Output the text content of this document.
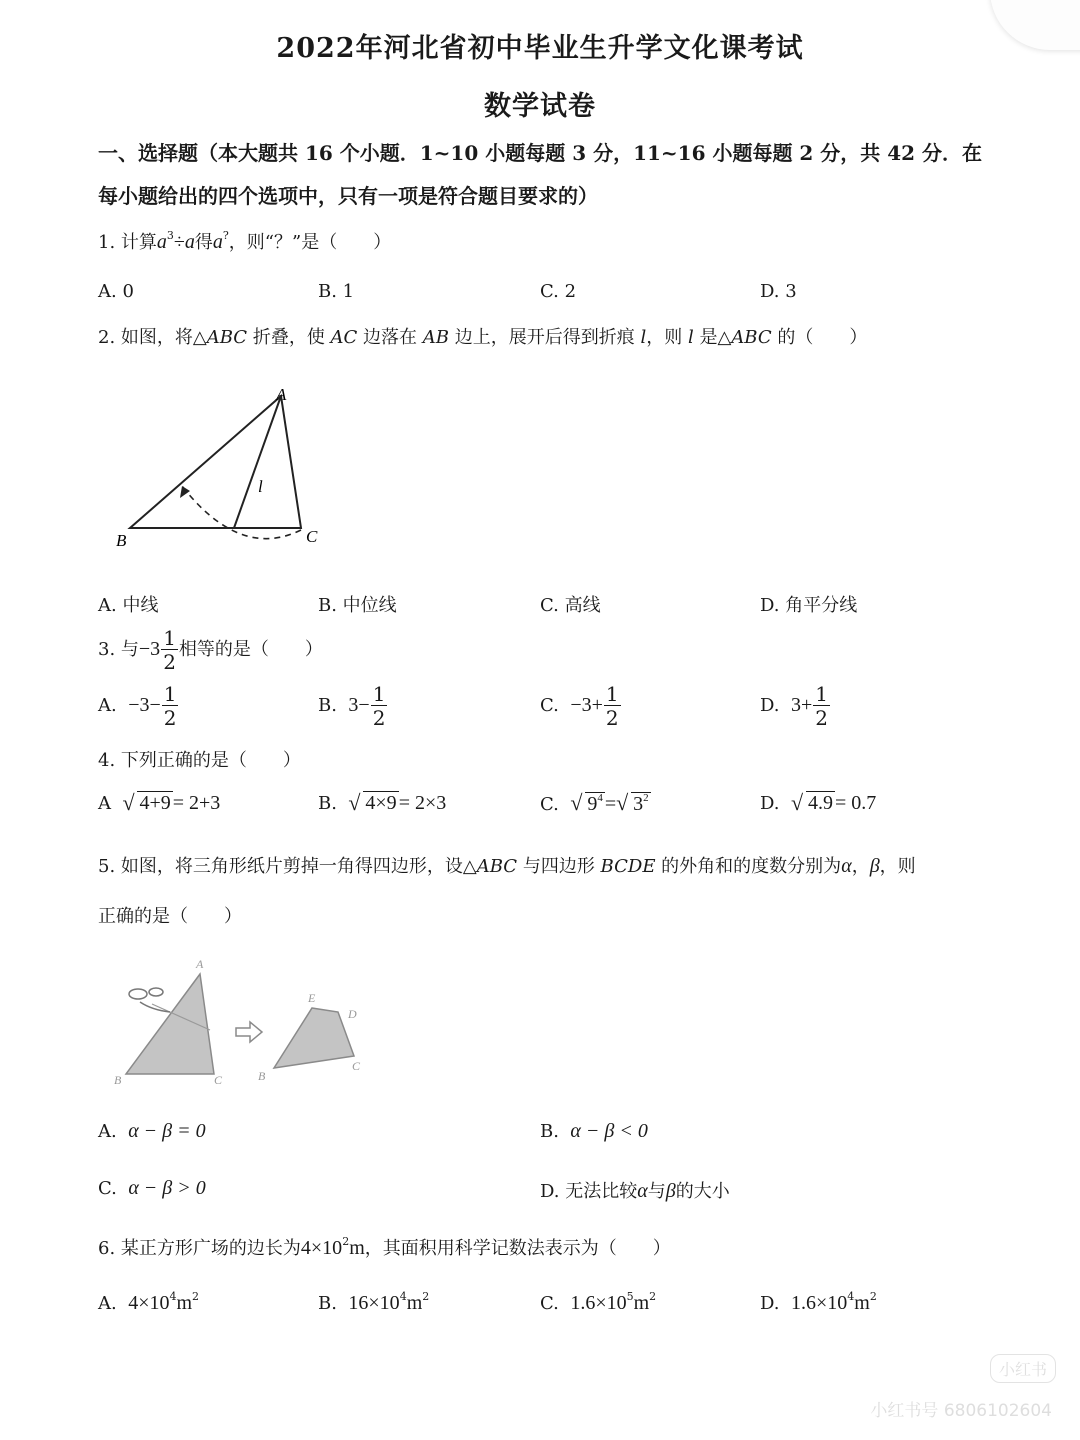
2022年河北省初中毕业生升学文化课考试
数学试卷
一、选择题（本大题共 16 个小题．1~10 小题每题 3 分，11~16 小题每题 2 分，共 42 分．在
每小题给出的四个选项中，只有一项是符合题目要求的）
1. 计算$a^3\div a$得a?，则“？”是（　　）
A. 0	B. 1	C. 2	D. 3
2. 如图，将△ABC 折叠，使 AC 边落在 AB 边上，展开后得到折痕 l，则 l 是△ABC 的（　　）
A
B	C
l
A. 中线	B. 中位线	C. 高线	D. 角平分线
3. 与$-3 \frac{1}{2}$ 相等的是（　　）
A. $-3- \frac{1}{2}$	B. $3- \frac{1}{2}$	C. $-3+ \frac{1}{2}$	D. $3+ \frac{1}{2}$
4. 下列正确的是（　　）
A √ 4+9 = 2+3	B. √ 4×9 = 2×3	C. √ $9^4$ = √ $3^2$	D. √ 4.9 = 0.7
5. 如图，将三角形纸片剪掉一角得四边形，设△ABC 与四边形 BCDE 的外角和的度数分别为α，β，则
正确的是（　　）
A
B	C
E
D
B
C
A. α − β = 0	B. α − β < 0
C. α − β > 0	D. 无法比较α与β的大小
6. 某正方形广场的边长为$4\times 10^2m$，其面积用科学记数法表示为（　　）
A. $4\times 10^4m^2$	B. $16\times 10^4m^2$	C. $1.6\times 10^5m^2$	D. $1.6\times 10^4m^2$
小红书
小红书号 6806102604
